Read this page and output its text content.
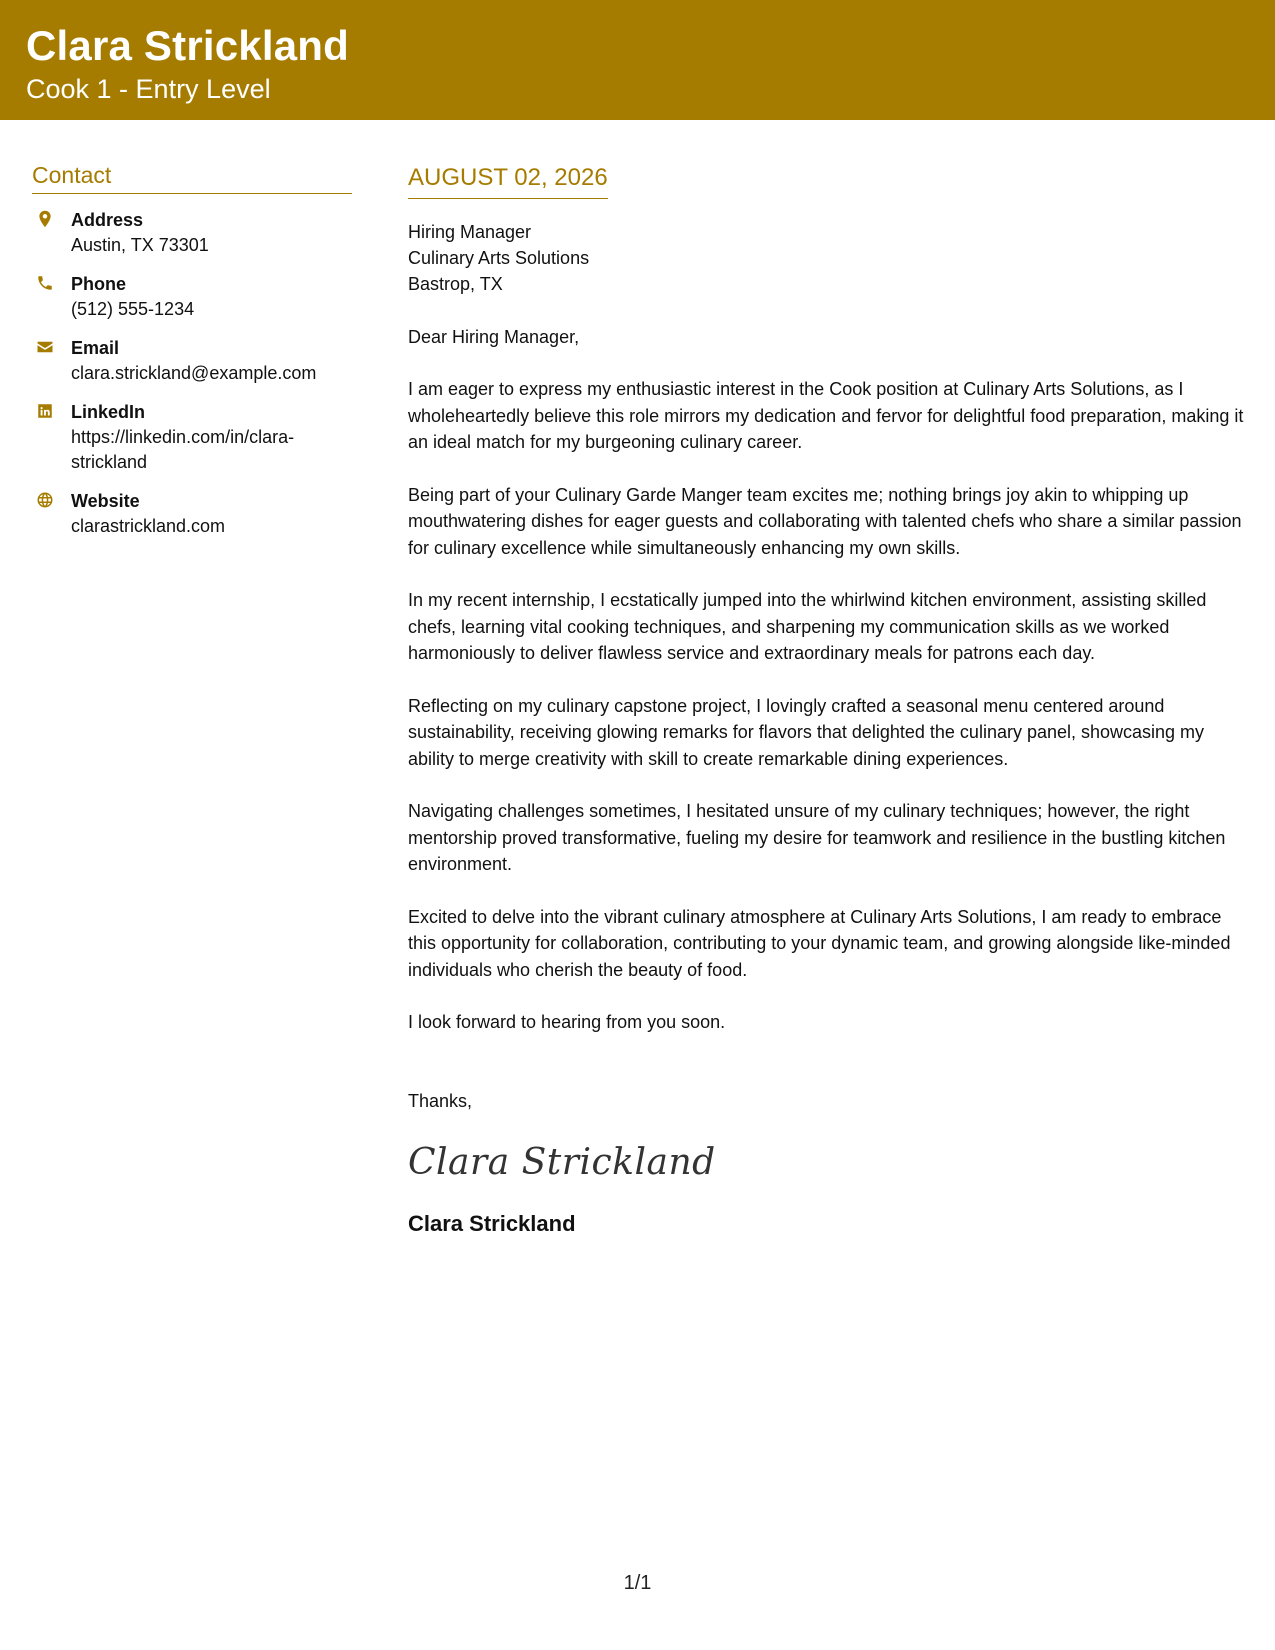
Clara Strickland
Cook 1 - Entry Level
Contact
Address
Austin, TX 73301
Phone
(512) 555-1234
Email
clara.strickland@example.com
LinkedIn
https://linkedin.com/in/clara-strickland
Website
clarastrickland.com
AUGUST 02, 2026
Hiring Manager
Culinary Arts Solutions
Bastrop, TX
Dear Hiring Manager,
I am eager to express my enthusiastic interest in the Cook position at Culinary Arts Solutions, as I wholeheartedly believe this role mirrors my dedication and fervor for delightful food preparation, making it an ideal match for my burgeoning culinary career.
Being part of your Culinary Garde Manger team excites me; nothing brings joy akin to whipping up mouthwatering dishes for eager guests and collaborating with talented chefs who share a similar passion for culinary excellence while simultaneously enhancing my own skills.
In my recent internship, I ecstatically jumped into the whirlwind kitchen environment, assisting skilled chefs, learning vital cooking techniques, and sharpening my communication skills as we worked harmoniously to deliver flawless service and extraordinary meals for patrons each day.
Reflecting on my culinary capstone project, I lovingly crafted a seasonal menu centered around sustainability, receiving glowing remarks for flavors that delighted the culinary panel, showcasing my ability to merge creativity with skill to create remarkable dining experiences.
Navigating challenges sometimes, I hesitated unsure of my culinary techniques; however, the right mentorship proved transformative, fueling my desire for teamwork and resilience in the bustling kitchen environment.
Excited to delve into the vibrant culinary atmosphere at Culinary Arts Solutions, I am ready to embrace this opportunity for collaboration, contributing to your dynamic team, and growing alongside like-minded individuals who cherish the beauty of food.
I look forward to hearing from you soon.
Thanks,
Clara Strickland
Clara Strickland
1/1
